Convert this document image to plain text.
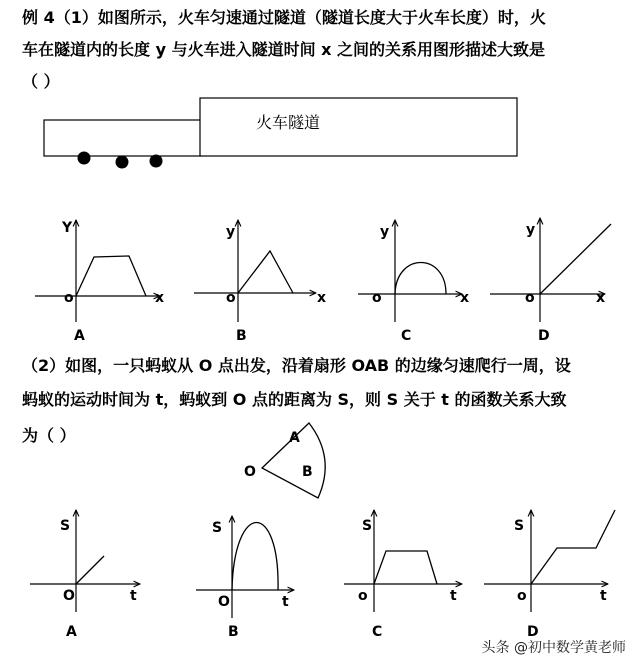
例 4（1）如图所示，火车匀速通过隧道（隧道长度大于火车长度）时，火
车在隧道内的长度 y 与火车进入隧道时间 x 之间的关系用图形描述大致是
（ ）
火车隧道
Y
o	x
A
y
o	x
B
y
o	x
C
y
o	x
D
O
A
B
S
O	t
A
S
O	t
B
S
o	t
C
S
o	t
D
（2）如图，一只蚂蚁从 O 点出发，沿着扇形 OAB 的边缘匀速爬行一周，设
蚂蚁的运动时间为 t，蚂蚁到 O 点的距离为 S，则 S 关于 t 的函数关系大致
为（ ）
头条 @初中数学黄老师
